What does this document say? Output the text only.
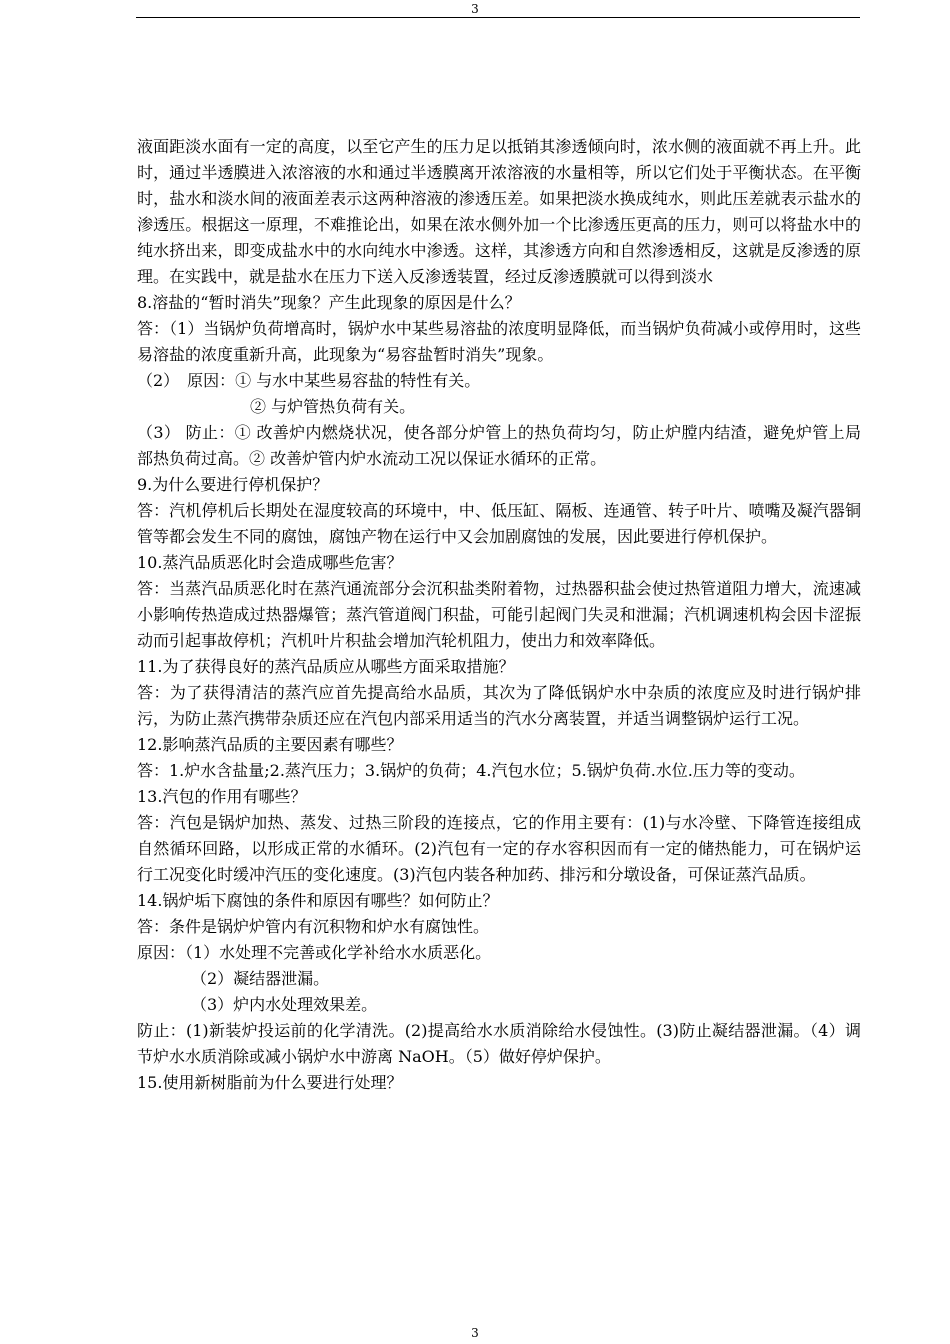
3

液面距淡水面有一定的高度，以至它产生的压力足以抵销其渗透倾向时，浓水侧的液面就不再上升。此时，通过半透膜进入浓溶液的水和通过半透膜离开浓溶液的水量相等，所以它们处于平衡状态。在平衡时，盐水和淡水间的液面差表示这两种溶液的渗透压差。如果把淡水换成纯水，则此压差就表示盐水的渗透压。根据这一原理，不难推论出，如果在浓水侧外加一个比渗透压更高的压力，则可以将盐水中的纯水挤出来，即变成盐水中的水向纯水中渗透。这样，其渗透方向和自然渗透相反，这就是反渗透的原理。在实践中，就是盐水在压力下送入反渗透装置，经过反渗透膜就可以得到淡水

8.溶盐的“暂时消失”现象？产生此现象的原因是什么？

答：（1）当锅炉负荷增高时，锅炉水中某些易溶盐的浓度明显降低，而当锅炉负荷减小或停用时，这些易溶盐的浓度重新升高，此现象为“易容盐暂时消失”现象。

（2）　原因：① 与水中某些易容盐的特性有关。

② 与炉管热负荷有关。

（3） 防止：① 改善炉内燃烧状况，使各部分炉管上的热负荷均匀，防止炉膛内结渣，避免炉管上局部热负荷过高。② 改善炉管内炉水流动工况以保证水循环的正常。

9.为什么要进行停机保护？

答：汽机停机后长期处在湿度较高的环境中，中、低压缸、隔板、连通管、转子叶片、喷嘴及凝汽器铜管等都会发生不同的腐蚀，腐蚀产物在运行中又会加剧腐蚀的发展，因此要进行停机保护。

10.蒸汽品质恶化时会造成哪些危害？

答：当蒸汽品质恶化时在蒸汽通流部分会沉积盐类附着物，过热器积盐会使过热管道阻力增大，流速减小影响传热造成过热器爆管；蒸汽管道阀门积盐，可能引起阀门失灵和泄漏；汽机调速机构会因卡涩振动而引起事故停机；汽机叶片积盐会增加汽轮机阻力，使出力和效率降低。

11.为了获得良好的蒸汽品质应从哪些方面采取措施？

答：为了获得清洁的蒸汽应首先提高给水品质，其次为了降低锅炉水中杂质的浓度应及时进行锅炉排污，为防止蒸汽携带杂质还应在汽包内部采用适当的汽水分离装置，并适当调整锅炉运行工况。

12.影响蒸汽品质的主要因素有哪些？

答：1.炉水含盐量;2.蒸汽压力；3.锅炉的负荷；4.汽包水位；5.锅炉负荷.水位.压力等的变动。

13.汽包的作用有哪些？

答：汽包是锅炉加热、蒸发、过热三阶段的连接点，它的作用主要有：(1)与水冷壁、下降管连接组成自然循环回路，以形成正常的水循环。(2)汽包有一定的存水容积因而有一定的储热能力，可在锅炉运行工况变化时缓冲汽压的变化速度。(3)汽包内装各种加药、排污和分墩设备，可保证蒸汽品质。

14.锅炉垢下腐蚀的条件和原因有哪些？如何防止？

答：条件是锅炉炉管内有沉积物和炉水有腐蚀性。

原因：（1）水处理不完善或化学补给水水质恶化。

（2）凝结器泄漏。

（3）炉内水处理效果差。

防止：(1)新装炉投运前的化学清洗。(2)提高给水水质消除给水侵蚀性。(3)防止凝结器泄漏。（4）调节炉水水质消除或减小锅炉水中游离 NaOH。（5）做好停炉保护。

15.使用新树脂前为什么要进行处理？

3
